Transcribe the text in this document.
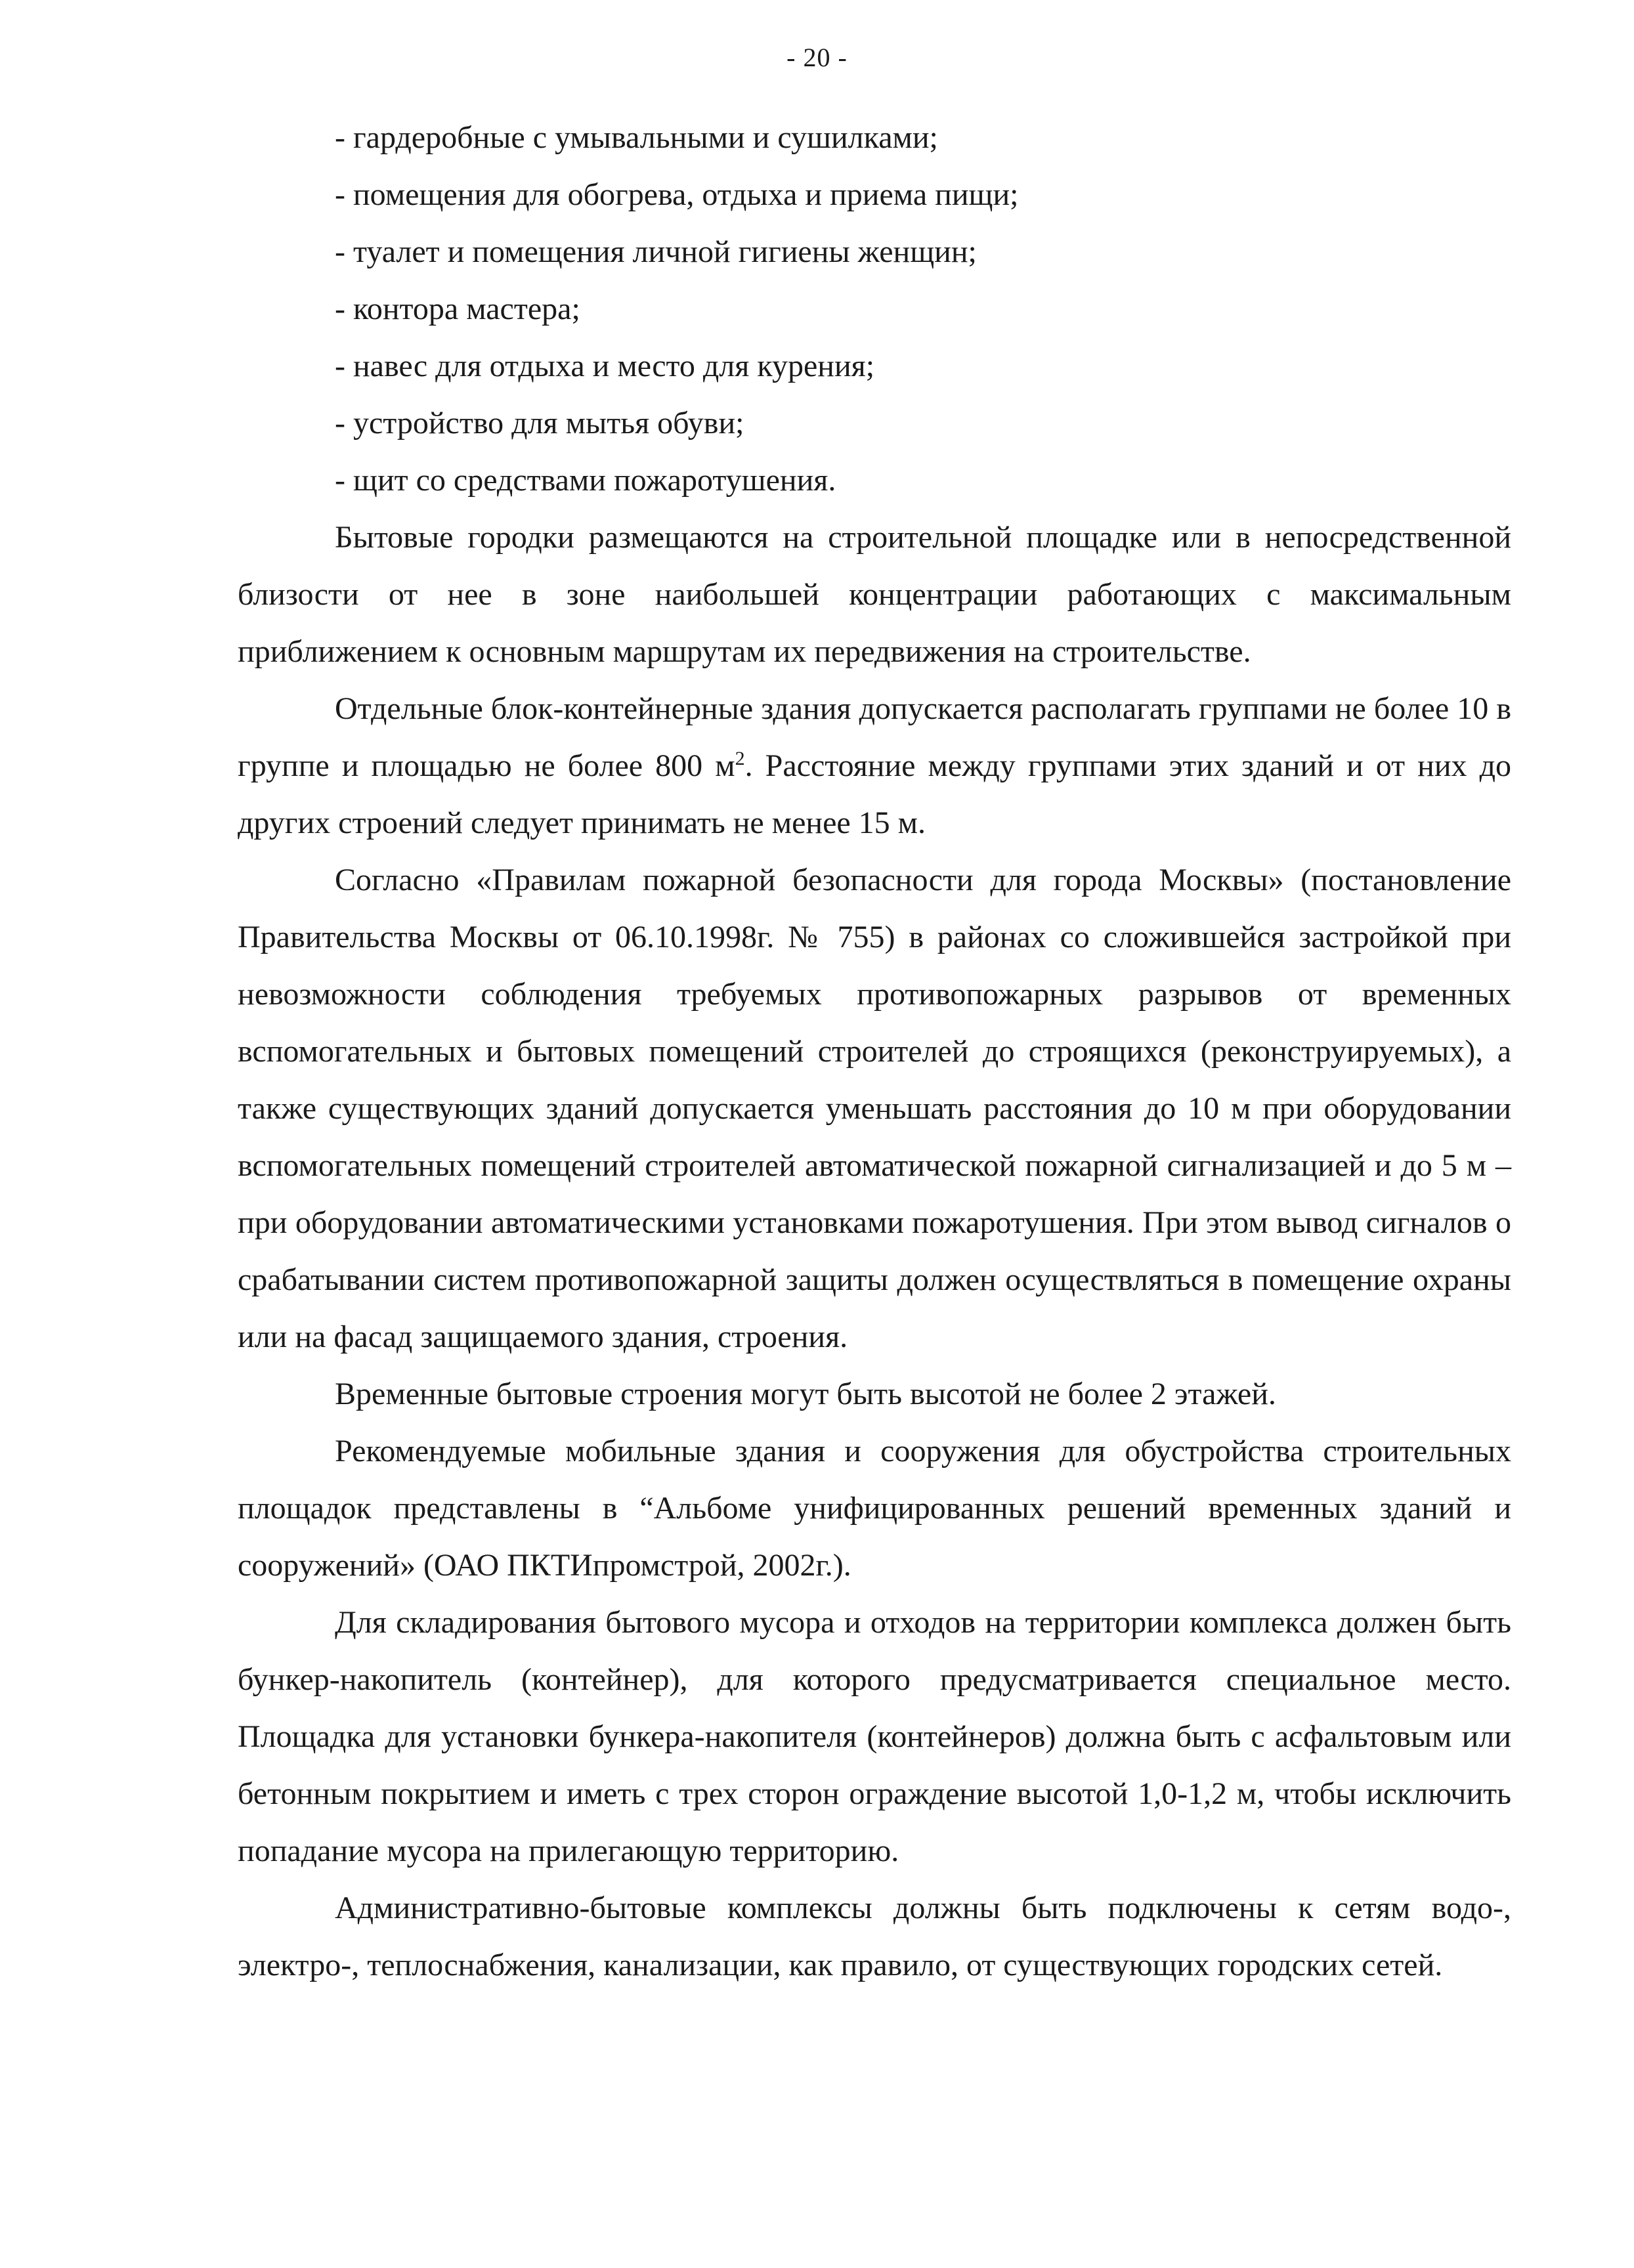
- 20 -

- гардеробные с умывальными и сушилками;

- помещения для обогрева, отдыха и приема пищи;

- туалет и помещения личной гигиены женщин;

- контора мастера;

- навес для отдыха и место для курения;

- устройство для мытья обуви;

- щит со средствами пожаротушения.

Бытовые городки размещаются на строительной площадке или в непосредственной близости от нее в зоне наибольшей концентрации работающих с максимальным приближением к основным маршрутам их передвижения на строительстве.

Отдельные блок-контейнерные здания допускается располагать группами не более 10 в группе и площадью не более 800 $м^2$. Расстояние между группами этих зданий и от них до других строений следует принимать не менее 15 м.

Согласно «Правилам пожарной безопасности для города Москвы» (постановление Правительства Москвы от 06.10.1998г. № 755) в районах со сложившейся застройкой при невозможности соблюдения требуемых противопожарных разрывов от временных вспомогательных и бытовых помещений строителей до строящихся (реконструируемых), а также существующих зданий допускается уменьшать расстояния до 10 м при оборудовании вспомогательных помещений строителей автоматической пожарной сигнализацией и до 5 м – при оборудовании автоматическими установками пожаротушения. При этом вывод сигналов о срабатывании систем противопожарной защиты должен осуществляться в помещение охраны или на фасад защищаемого здания, строения.

Временные бытовые строения могут быть высотой не более 2 этажей.

Рекомендуемые мобильные здания и сооружения для обустройства строительных площадок представлены в “Альбоме унифицированных решений временных зданий и сооружений» (ОАО ПКТИпромстрой, 2002г.).

Для складирования бытового мусора и отходов на территории комплекса должен быть бункер-накопитель (контейнер), для которого предусматривается специальное место. Площадка для установки бункера-накопителя (контейнеров) должна быть с асфальтовым или бетонным покрытием и иметь с трех сторон ограждение высотой 1,0-1,2 м, чтобы исключить попадание мусора на прилегающую территорию.

Административно-бытовые комплексы должны быть подключены к сетям водо-, электро-, теплоснабжения, канализации, как правило, от существующих городских сетей.
